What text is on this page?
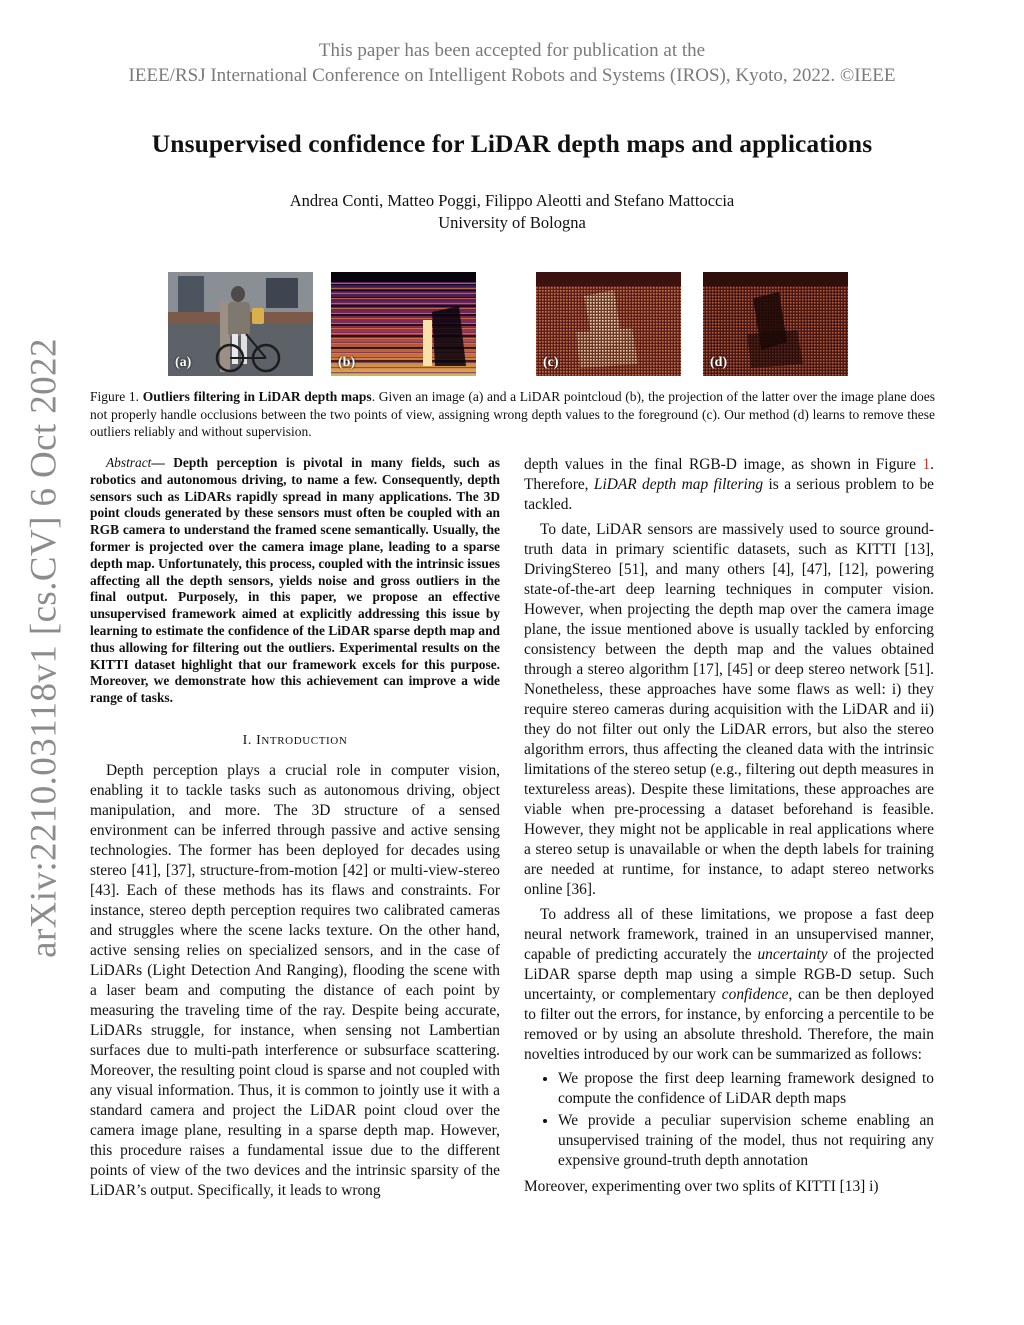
This paper has been accepted for publication at the
IEEE/RSJ International Conference on Intelligent Robots and Systems (IROS), Kyoto, 2022. ©IEEE
arXiv:2210.03118v1 [cs.CV] 6 Oct 2022
Unsupervised confidence for LiDAR depth maps and applications
Andrea Conti, Matteo Poggi, Filippo Aleotti and Stefano Mattoccia
University of Bologna
(a)	(b)	(c)	(d)
Figure 1. Outliers filtering in LiDAR depth maps. Given an image (a) and a LiDAR pointcloud (b), the projection of the latter over the image plane does not properly handle occlusions between the two points of view, assigning wrong depth values to the foreground (c). Our method (d) learns to remove these outliers reliably and without supervision.

Abstract— Depth perception is pivotal in many fields, such as robotics and autonomous driving, to name a few. Consequently, depth sensors such as LiDARs rapidly spread in many applications. The 3D point clouds generated by these sensors must often be coupled with an RGB camera to understand the framed scene semantically. Usually, the former is projected over the camera image plane, leading to a sparse depth map. Unfortunately, this process, coupled with the intrinsic issues affecting all the depth sensors, yields noise and gross outliers in the final output. Purposely, in this paper, we propose an effective unsupervised framework aimed at explicitly addressing this issue by learning to estimate the confidence of the LiDAR sparse depth map and thus allowing for filtering out the outliers. Experimental results on the KITTI dataset highlight that our framework excels for this purpose. Moreover, we demonstrate how this achievement can improve a wide range of tasks.

I. INTRODUCTION

Depth perception plays a crucial role in computer vision, enabling it to tackle tasks such as autonomous driving, object manipulation, and more. The 3D structure of a sensed environment can be inferred through passive and active sensing technologies. The former has been deployed for decades using stereo [41], [37], structure-from-motion [42] or multi-view-stereo [43]. Each of these methods has its flaws and constraints. For instance, stereo depth perception requires two calibrated cameras and struggles where the scene lacks texture. On the other hand, active sensing relies on specialized sensors, and in the case of LiDARs (Light Detection And Ranging), flooding the scene with a laser beam and computing the distance of each point by measuring the traveling time of the ray. Despite being accurate, LiDARs struggle, for instance, when sensing not Lambertian surfaces due to multi-path interference or subsurface scattering. Moreover, the resulting point cloud is sparse and not coupled with any visual information. Thus, it is common to jointly use it with a standard camera and project the LiDAR point cloud over the camera image plane, resulting in a sparse depth map. However, this procedure raises a fundamental issue due to the different points of view of the two devices and the intrinsic sparsity of the LiDAR’s output. Specifically, it leads to wrong

depth values in the final RGB-D image, as shown in Figure 1. Therefore, LiDAR depth map filtering is a serious problem to be tackled.

To date, LiDAR sensors are massively used to source ground-truth data in primary scientific datasets, such as KITTI [13], DrivingStereo [51], and many others [4], [47], [12], powering state-of-the-art deep learning techniques in computer vision. However, when projecting the depth map over the camera image plane, the issue mentioned above is usually tackled by enforcing consistency between the depth map and the values obtained through a stereo algorithm [17], [45] or deep stereo network [51]. Nonetheless, these approaches have some flaws as well: i) they require stereo cameras during acquisition with the LiDAR and ii) they do not filter out only the LiDAR errors, but also the stereo algorithm errors, thus affecting the cleaned data with the intrinsic limitations of the stereo setup (e.g., filtering out depth measures in textureless areas). Despite these limitations, these approaches are viable when pre-processing a dataset beforehand is feasible. However, they might not be applicable in real applications where a stereo setup is unavailable or when the depth labels for training are needed at runtime, for instance, to adapt stereo networks online [36].

To address all of these limitations, we propose a fast deep neural network framework, trained in an unsupervised manner, capable of predicting accurately the uncertainty of the projected LiDAR sparse depth map using a simple RGB-D setup. Such uncertainty, or complementary confidence, can be then deployed to filter out the errors, for instance, by enforcing a percentile to be removed or by using an absolute threshold. Therefore, the main novelties introduced by our work can be summarized as follows:

• We propose the first deep learning framework designed to compute the confidence of LiDAR depth maps
• We provide a peculiar supervision scheme enabling an unsupervised training of the model, thus not requiring any expensive ground-truth depth annotation

Moreover, experimenting over two splits of KITTI [13] i)
